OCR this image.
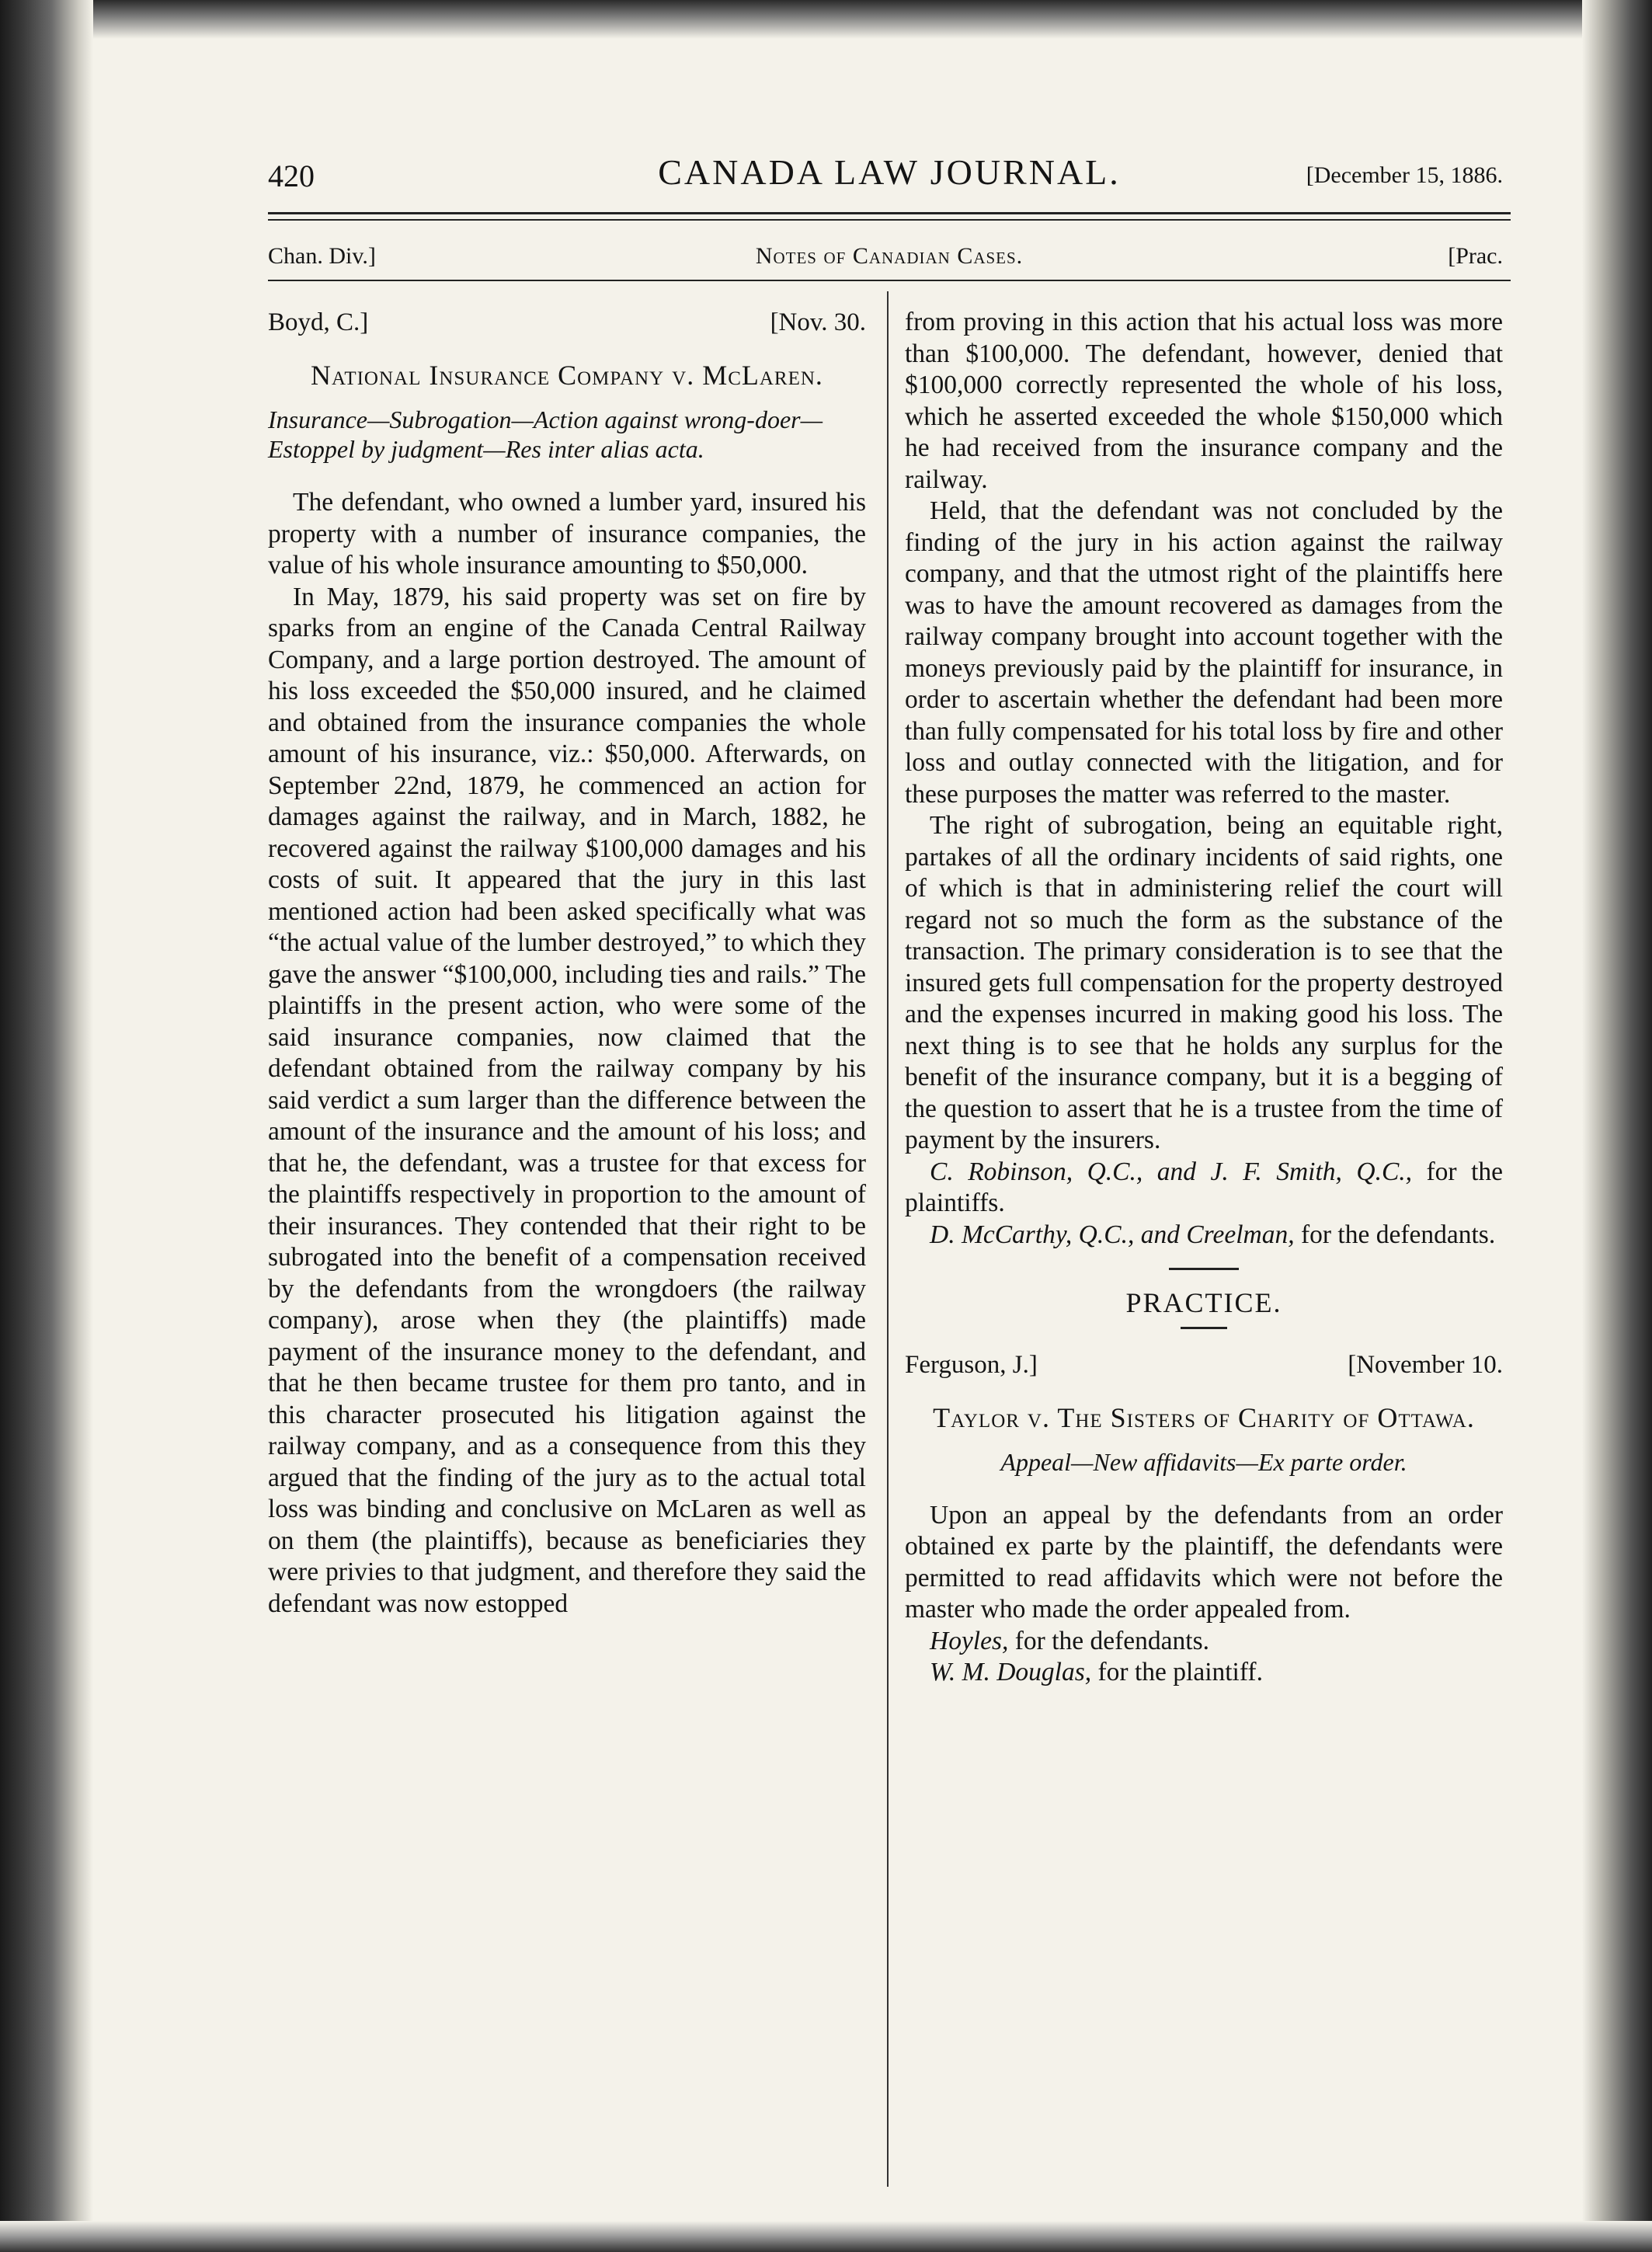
420	CANADA LAW JOURNAL.	[December 15, 1886.
Notes of Canadian Cases.
Chan. Div.]	[Prac.
Boyd, C.]	[Nov. 30.
National Insurance Company v. McLaren.
Insurance—Subrogation—Action against wrong-doer—Estoppel by judgment—Res inter alias acta.

The defendant, who owned a lumber yard, insured his property with a number of insurance companies, the value of his whole insurance amounting to $50,000.

In May, 1879, his said property was set on fire by sparks from an engine of the Canada Central Railway Company, and a large portion destroyed. The amount of his loss exceeded the $50,000 insured, and he claimed and obtained from the insurance companies the whole amount of his insurance, viz.: $50,000. Afterwards, on September 22nd, 1879, he commenced an action for damages against the railway, and in March, 1882, he recovered against the railway $100,000 damages and his costs of suit. It appeared that the jury in this last mentioned action had been asked specifically what was “the actual value of the lumber destroyed,” to which they gave the answer “$100,000, including ties and rails.” The plaintiffs in the present action, who were some of the said insurance companies, now claimed that the defendant obtained from the railway company by his said verdict a sum larger than the difference between the amount of the insurance and the amount of his loss; and that he, the defendant, was a trustee for that excess for the plaintiffs respectively in proportion to the amount of their insurances. They contended that their right to be subrogated into the benefit of a compensation received by the defendants from the wrongdoers (the railway company), arose when they (the plaintiffs) made payment of the insurance money to the defendant, and that he then became trustee for them pro tanto, and in this character prosecuted his litigation against the railway company, and as a consequence from this they argued that the finding of the jury as to the actual total loss was binding and conclusive on McLaren as well as on them (the plaintiffs), because as beneficiaries they were privies to that judgment, and therefore they said the defendant was now estopped

from proving in this action that his actual loss was more than $100,000. The defendant, however, denied that $100,000 correctly represented the whole of his loss, which he asserted exceeded the whole $150,000 which he had received from the insurance company and the railway.

Held, that the defendant was not concluded by the finding of the jury in his action against the railway company, and that the utmost right of the plaintiffs here was to have the amount recovered as damages from the railway company brought into account together with the moneys previously paid by the plaintiff for insurance, in order to ascertain whether the defendant had been more than fully compensated for his total loss by fire and other loss and outlay connected with the litigation, and for these purposes the matter was referred to the master.

The right of subrogation, being an equitable right, partakes of all the ordinary incidents of said rights, one of which is that in administering relief the court will regard not so much the form as the substance of the transaction. The primary consideration is to see that the insured gets full compensation for the property destroyed and the expenses incurred in making good his loss. The next thing is to see that he holds any surplus for the benefit of the insurance company, but it is a begging of the question to assert that he is a trustee from the time of payment by the insurers.

C. Robinson, Q.C., and J. F. Smith, Q.C., for the plaintiffs.

D. McCarthy, Q.C., and Creelman, for the defendants.

PRACTICE.
Ferguson, J.]	[November 10.
Taylor v. The Sisters of Charity of Ottawa.
Appeal—New affidavits—Ex parte order.

Upon an appeal by the defendants from an order obtained ex parte by the plaintiff, the defendants were permitted to read affidavits which were not before the master who made the order appealed from.

Hoyles, for the defendants.

W. M. Douglas, for the plaintiff.
